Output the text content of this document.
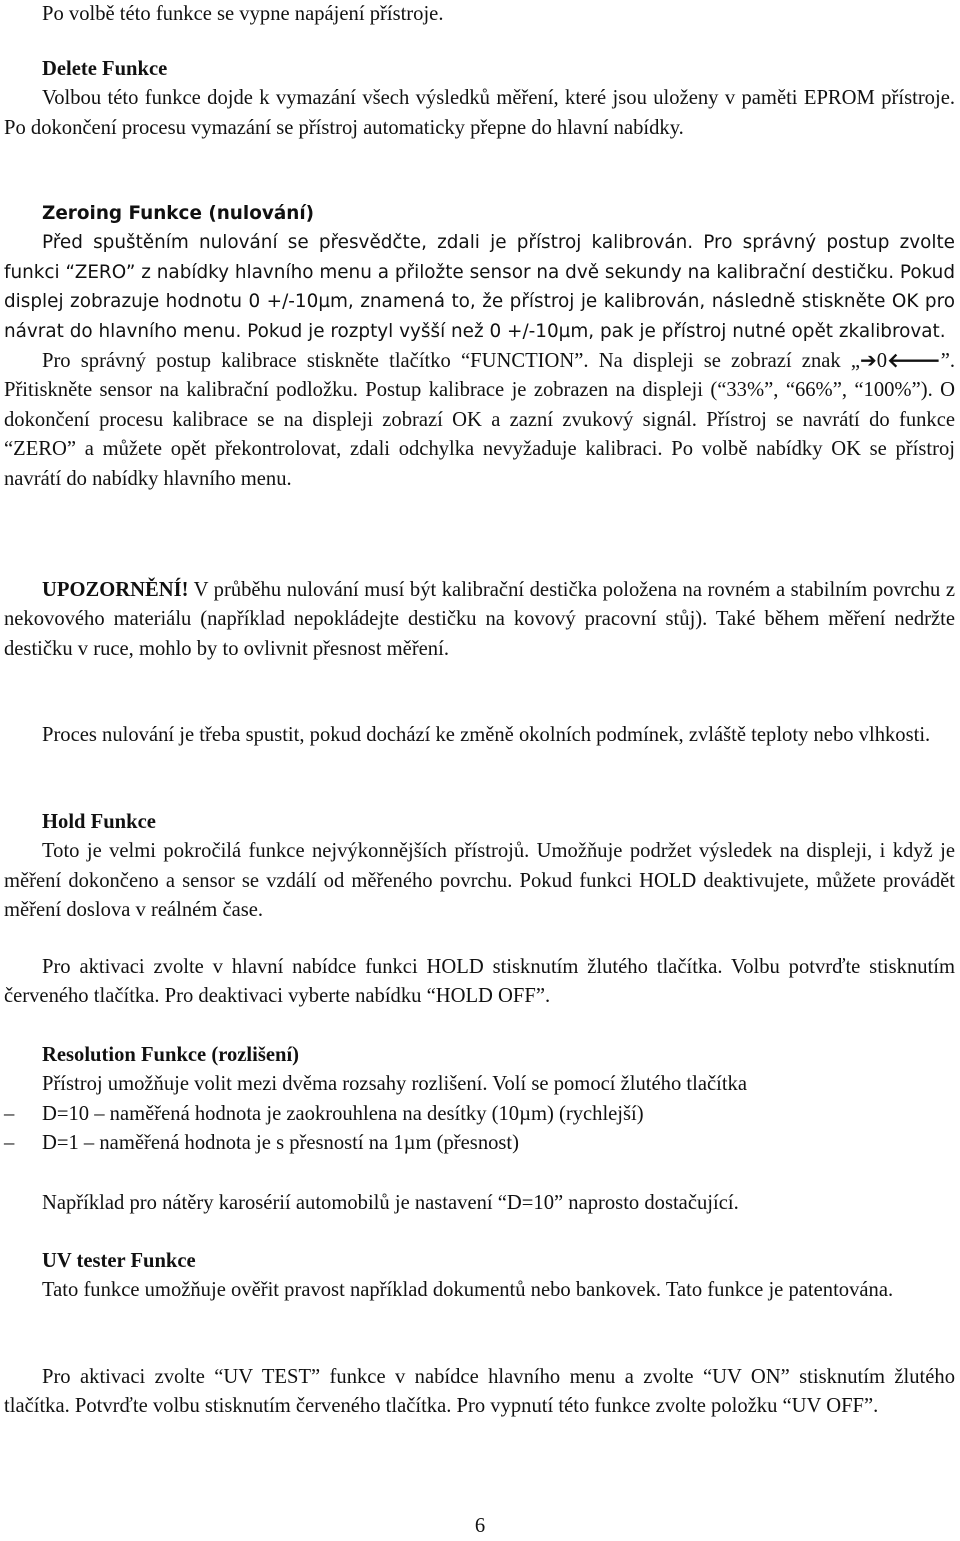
Po volbě této funkce se vypne napájení přístroje.

Delete Funkce

Volbou této funkce dojde k vymazání všech výsledků měření, které jsou uloženy v paměti EPROM přístroje. Po dokončení procesu vymazání se přístroj automaticky přepne do hlavní nabídky.

Zeroing Funkce (nulování)

Před spuštěním nulování se přesvědčte, zdali je přístroj kalibrován. Pro správný postup zvolte funkci “ZERO” z nabídky hlavního menu a přiložte sensor na dvě sekundy na kalibrační destičku. Pokud displej zobrazuje hodnotu 0 +/-10µm, znamená to, že přístroj je kalibrován, následně stiskněte OK pro návrat do hlavního menu. Pokud je rozptyl vyšší než 0 +/-10µm, pak je přístroj nutné opět zkalibrovat.

Pro správný postup kalibrace stiskněte tlačítko “FUNCTION”. Na displeji se zobrazí znak „➔0🡐”. Přitiskněte sensor na kalibrační podložku. Postup kalibrace je zobrazen na displeji (“33%”, “66%”, “100%”). O dokončení procesu kalibrace se na displeji zobrazí OK a zazní zvukový signál. Přístroj se navrátí do funkce “ZERO” a můžete opět překontrolovat, zdali odchylka nevyžaduje kalibraci. Po volbě nabídky OK se přístroj navrátí do nabídky hlavního menu.

UPOZORNĚNÍ! V průběhu nulování musí být kalibrační destička položena na rovném a stabilním povrchu z nekovového materiálu (například nepokládejte destičku na kovový pracovní stůj). Také během měření nedržte destičku v ruce, mohlo by to ovlivnit přesnost měření.

Proces nulování je třeba spustit, pokud dochází ke změně okolních podmínek, zvláště teploty nebo vlhkosti.

Hold Funkce

Toto je velmi pokročilá funkce nejvýkonnějších přístrojů. Umožňuje podržet výsledek na displeji, i když je měření dokončeno a sensor se vzdálí od měřeného povrchu. Pokud funkci HOLD deaktivujete, můžete provádět měření doslova v reálném čase.

Pro aktivaci zvolte v hlavní nabídce funkci HOLD stisknutím žlutého tlačítka. Volbu potvrďte stisknutím červeného tlačítka. Pro deaktivaci vyberte nabídku “HOLD OFF”.

Resolution Funkce (rozlišení)

Přístroj umožňuje volit mezi dvěma rozsahy rozlišení. Volí se pomocí žlutého tlačítka

–	D=10 – naměřená hodnota je zaokrouhlena na desítky (10µm) (rychlejší)
–	D=1 – naměřená hodnota je s přesností na 1µm (přesnost)

Například pro nátěry karosérií automobilů je nastavení “D=10” naprosto dostačující.

UV tester Funkce

Tato funkce umožňuje ověřit pravost například dokumentů nebo bankovek. Tato funkce je patentována.

Pro aktivaci zvolte “UV TEST” funkce v nabídce hlavního menu a zvolte “UV ON” stisknutím žlutého tlačítka. Potvrďte volbu stisknutím červeného tlačítka. Pro vypnutí této funkce zvolte položku “UV OFF”.

6
